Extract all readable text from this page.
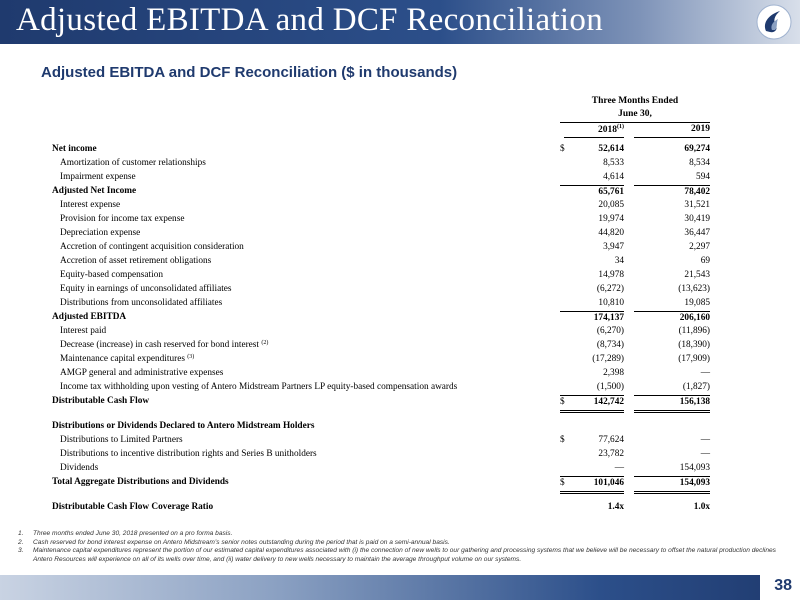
Adjusted EBITDA and DCF Reconciliation
Adjusted EBITDA and DCF Reconciliation ($ in thousands)
Three Months Ended
June 30,
2018$^{(1)}$	2019
Net income	$	52,614	69,274
Amortization of customer relationships	8,533	8,534
Impairment expense	4,614	594
Adjusted Net Income	65,761	78,402
Interest expense	20,085	31,521
Provision for income tax expense	19,974	30,419
Depreciation expense	44,820	36,447
Accretion of contingent acquisition consideration	3,947	2,297
Accretion of asset retirement obligations	34	69
Equity-based compensation	14,978	21,543
Equity in earnings of unconsolidated affiliates	(6,272)	(13,623)
Distributions from unconsolidated affiliates	10,810	19,085
Adjusted EBITDA	174,137	206,160
Interest paid	(6,270)	(11,896)
Decrease (increase) in cash reserved for bond interest $^{(2)}$	(8,734)	(18,390)
Maintenance capital expenditures $^{(3)}$	(17,289)	(17,909)
AMGP general and administrative expenses	2,398	—
Income tax withholding upon vesting of Antero Midstream Partners LP equity-based compensation awards	(1,500)	(1,827)
Distributable Cash Flow	$	142,742	156,138
Distributions or Dividends Declared to Antero Midstream Holders
Distributions to Limited Partners	$	77,624	—
Distributions to incentive distribution rights and Series B unitholders	23,782	—
Dividends	—	154,093
Total Aggregate Distributions and Dividends	$	101,046	154,093
Distributable Cash Flow Coverage Ratio	1.4x	1.0x
1. Three months ended June 30, 2018 presented on a pro forma basis.
2. Cash reserved for bond interest expense on Antero Midstream’s senior notes outstanding during the period that is paid on a semi-annual basis.
3. Maintenance capital expenditures represent the portion of our estimated capital expenditures associated with (i) the connection of new wells to our gathering and processing systems that we believe will be necessary to offset the natural production declines Antero Resources will experience on all of its wells over time, and (ii) water delivery to new wells necessary to maintain the average throughput volume on our systems.
38
